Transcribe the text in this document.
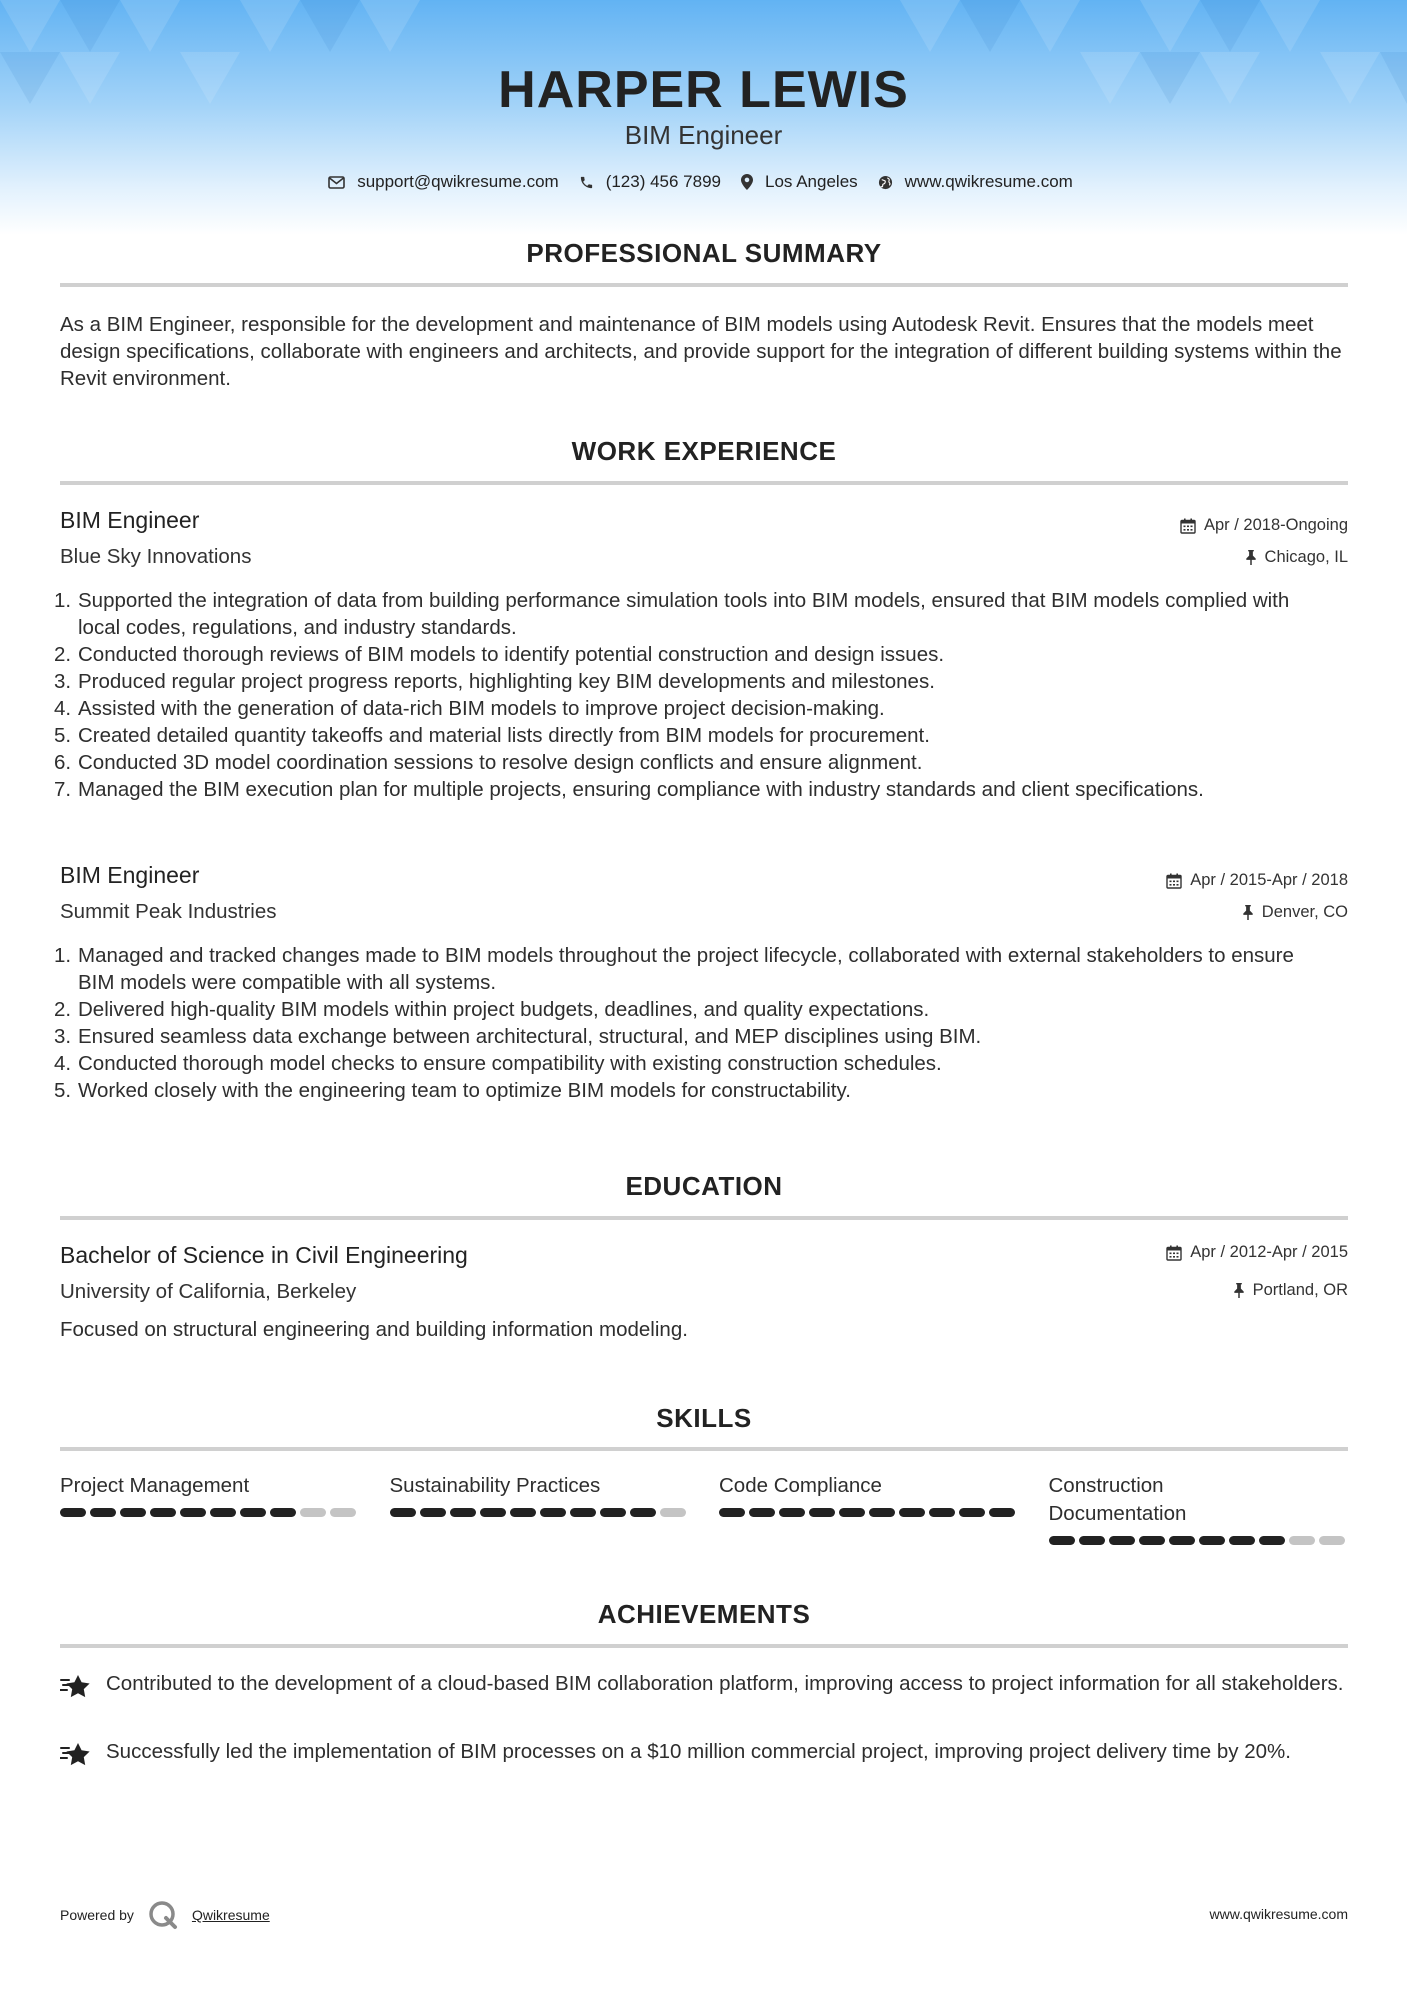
HARPER LEWIS
BIM Engineer
support@qwikresume.com	(123) 456 7899	Los Angeles	www.qwikresume.com
PROFESSIONAL SUMMARY
As a BIM Engineer, responsible for the development and maintenance of BIM models using Autodesk Revit. Ensures that the models meet design specifications, collaborate with engineers and architects, and provide support for the integration of different building systems within the Revit environment.
WORK EXPERIENCE
BIM Engineer	Apr / 2018-Ongoing
Blue Sky Innovations	Chicago, IL
Supported the integration of data from building performance simulation tools into BIM models, ensured that BIM models complied with local codes, regulations, and industry standards.
Conducted thorough reviews of BIM models to identify potential construction and design issues.
Produced regular project progress reports, highlighting key BIM developments and milestones.
Assisted with the generation of data-rich BIM models to improve project decision-making.
Created detailed quantity takeoffs and material lists directly from BIM models for procurement.
Conducted 3D model coordination sessions to resolve design conflicts and ensure alignment.
Managed the BIM execution plan for multiple projects, ensuring compliance with industry standards and client specifications.
BIM Engineer	Apr / 2015-Apr / 2018
Summit Peak Industries	Denver, CO
Managed and tracked changes made to BIM models throughout the project lifecycle, collaborated with external stakeholders to ensure BIM models were compatible with all systems.
Delivered high-quality BIM models within project budgets, deadlines, and quality expectations.
Ensured seamless data exchange between architectural, structural, and MEP disciplines using BIM.
Conducted thorough model checks to ensure compatibility with existing construction schedules.
Worked closely with the engineering team to optimize BIM models for constructability.
EDUCATION
Bachelor of Science in Civil Engineering	Apr / 2012-Apr / 2015
University of California, Berkeley	Portland, OR
Focused on structural engineering and building information modeling.
SKILLS
Project Management	Sustainability Practices	Code Compliance	Construction Documentation
ACHIEVEMENTS
Contributed to the development of a cloud-based BIM collaboration platform, improving access to project information for all stakeholders.
Successfully led the implementation of BIM processes on a $10 million commercial project, improving project delivery time by 20%.
Powered by	Qwikresume	www.qwikresume.com
